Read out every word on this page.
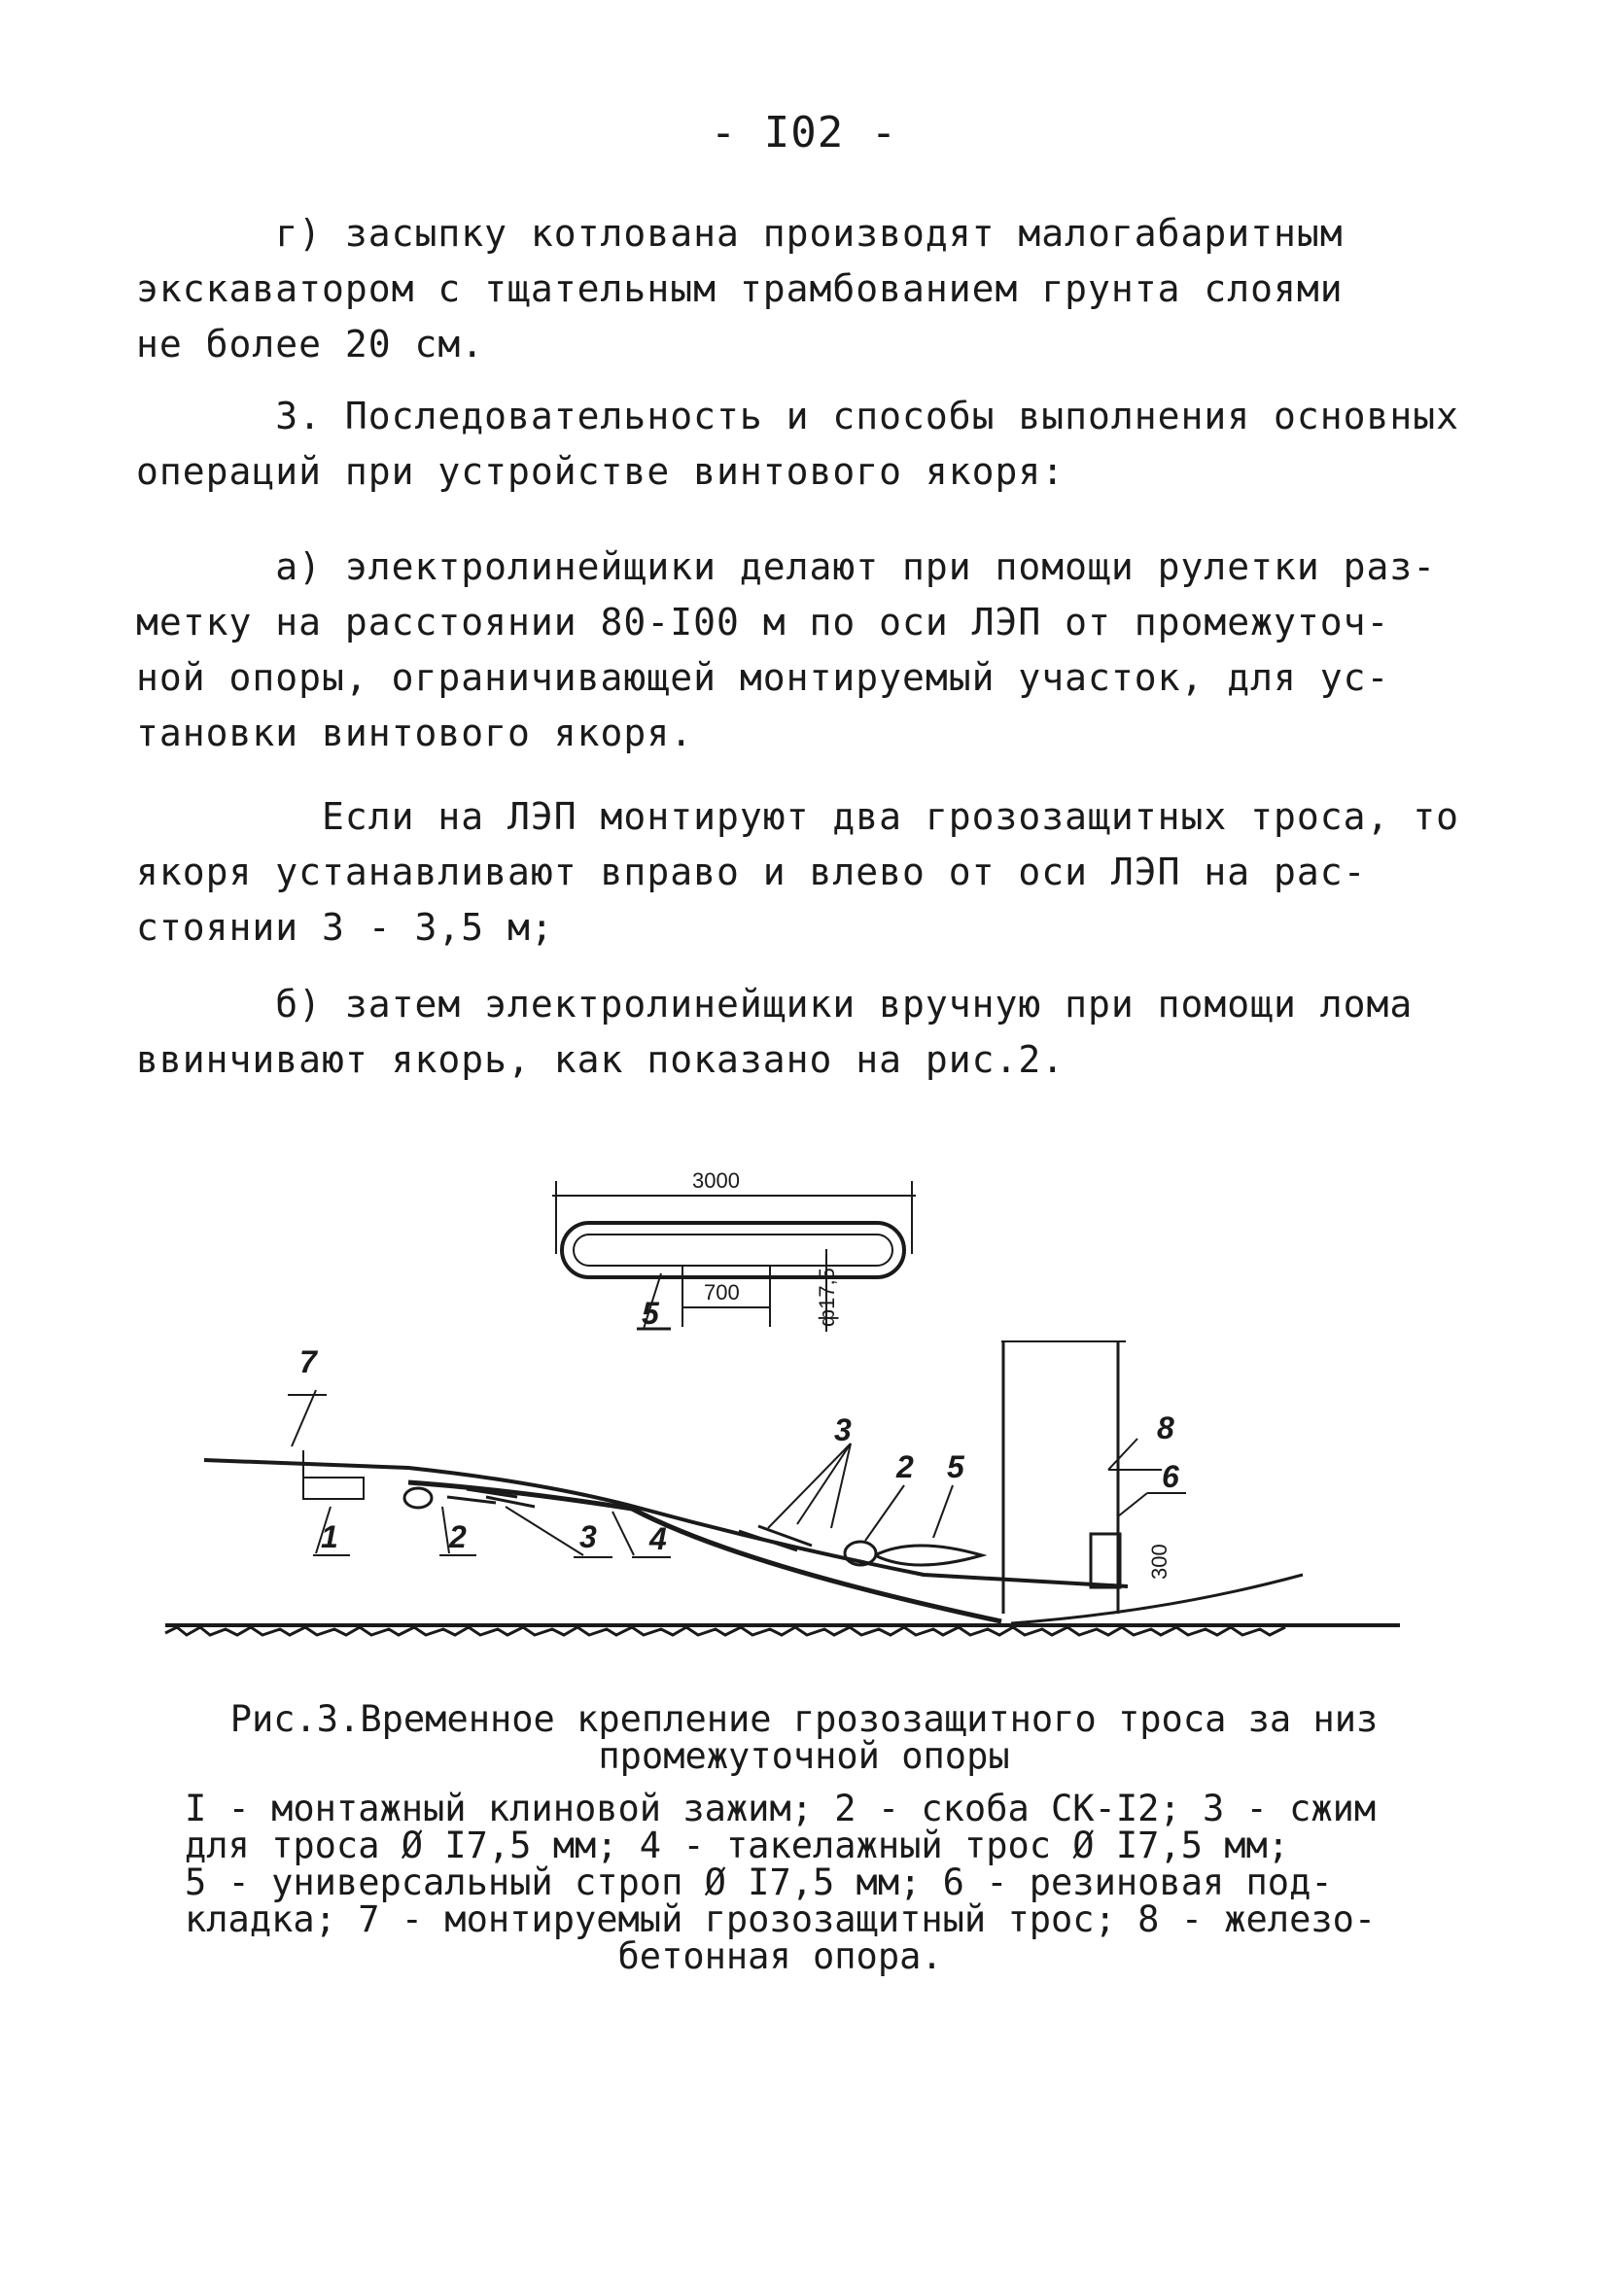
- I02 -
г) засыпку котлована производят малогабаритным
экскаватором с тщательным трамбованием грунта слоями
не более 20 см.
3. Последовательность и способы выполнения основных
операций при устройстве винтового якоря:
а) электролинейщики делают при помощи рулетки раз-
метку на расстоянии 80-I00 м по оси ЛЭП от промежуточ-
ной опоры, ограничивающей монтируемый участок, для ус-
тановки винтового якоря.
Если на ЛЭП монтируют два грозозащитных троса, то
якоря устанавливают вправо и влево от оси ЛЭП на рас-
стоянии 3 - 3,5 м;
б) затем электролинейщики вручную при помощи лома
ввинчивают якорь, как показано на рис.2.
3000
700	ф17,5
300
7
1	2	3 4
3
2 5
5
8
6
Рис.3.Временное крепление грозозащитного троса за низ
промежуточной опоры
I - монтажный клиновой зажим; 2 - скоба СК-I2; 3 - сжим
для троса Ø I7,5 мм; 4 - такелажный трос Ø I7,5 мм;
5 - универсальный строп Ø I7,5 мм; 6 - резиновая под-
кладка; 7 - монтируемый грозозащитный трос; 8 - железо-
бетонная опора.
